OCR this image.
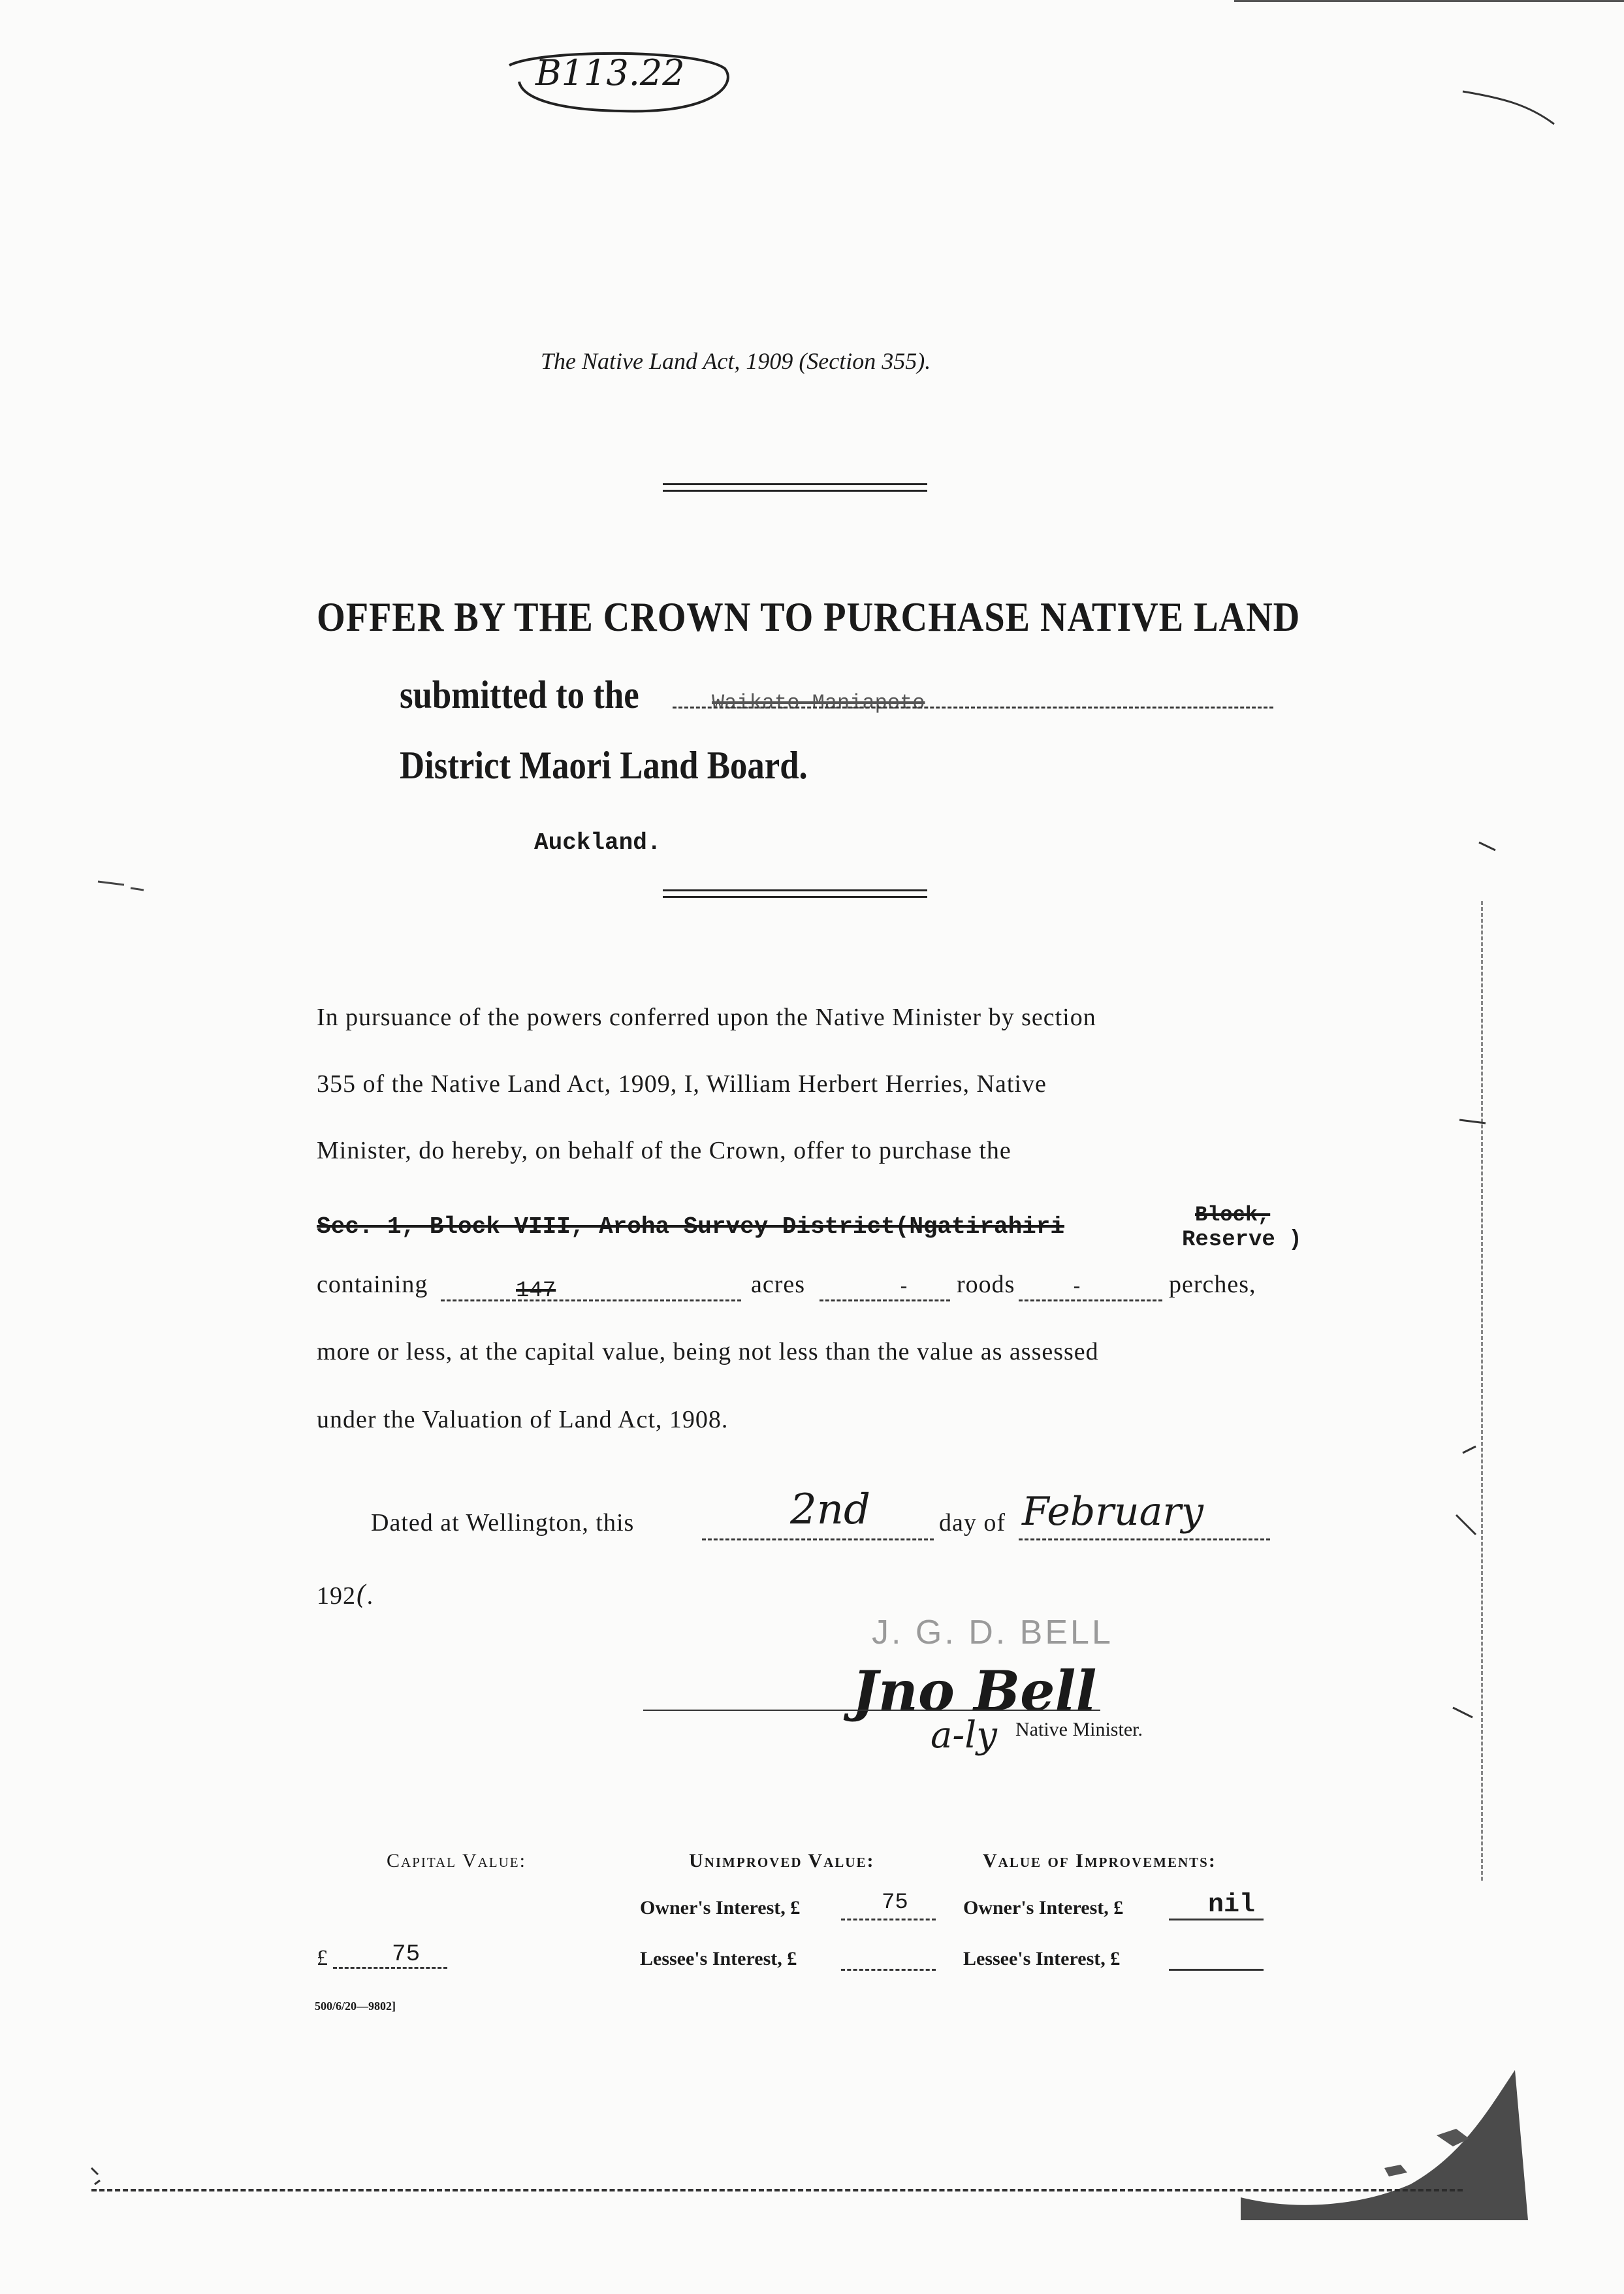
B113.22
The Native Land Act, 1909 (Section 355).
OFFER BY THE CROWN TO PURCHASE NATIVE LAND
submitted to the	Waikato-Maniapoto
District Maori Land Board.
Auckland.
In pursuance of the powers conferred upon the Native Minister by section
355 of the Native Land Act, 1909, I, William Herbert Herries, Native
Minister, do hereby, on behalf of the Crown, offer to purchase the
Sec. 1, Block VIII, Aroha Survey District(Ngatirahiri	Block,
Reserve )
containing	147	acres	- roods	-	perches,
more or less, at the capital value, being not less than the value as assessed
under the Valuation of Land Act, 1908.
Dated at Wellington, this	2nd	day of February
192(.
J. G. D. BELL
Jno Bell
a-ly Native Minister.
Capital Value:	Unimproved Value:	Value of Improvements:
Owner's Interest, £	75	Owner's Interest, £	nil
£	75	Lessee's Interest, £	Lessee's Interest, £
500/6/20—9802]
